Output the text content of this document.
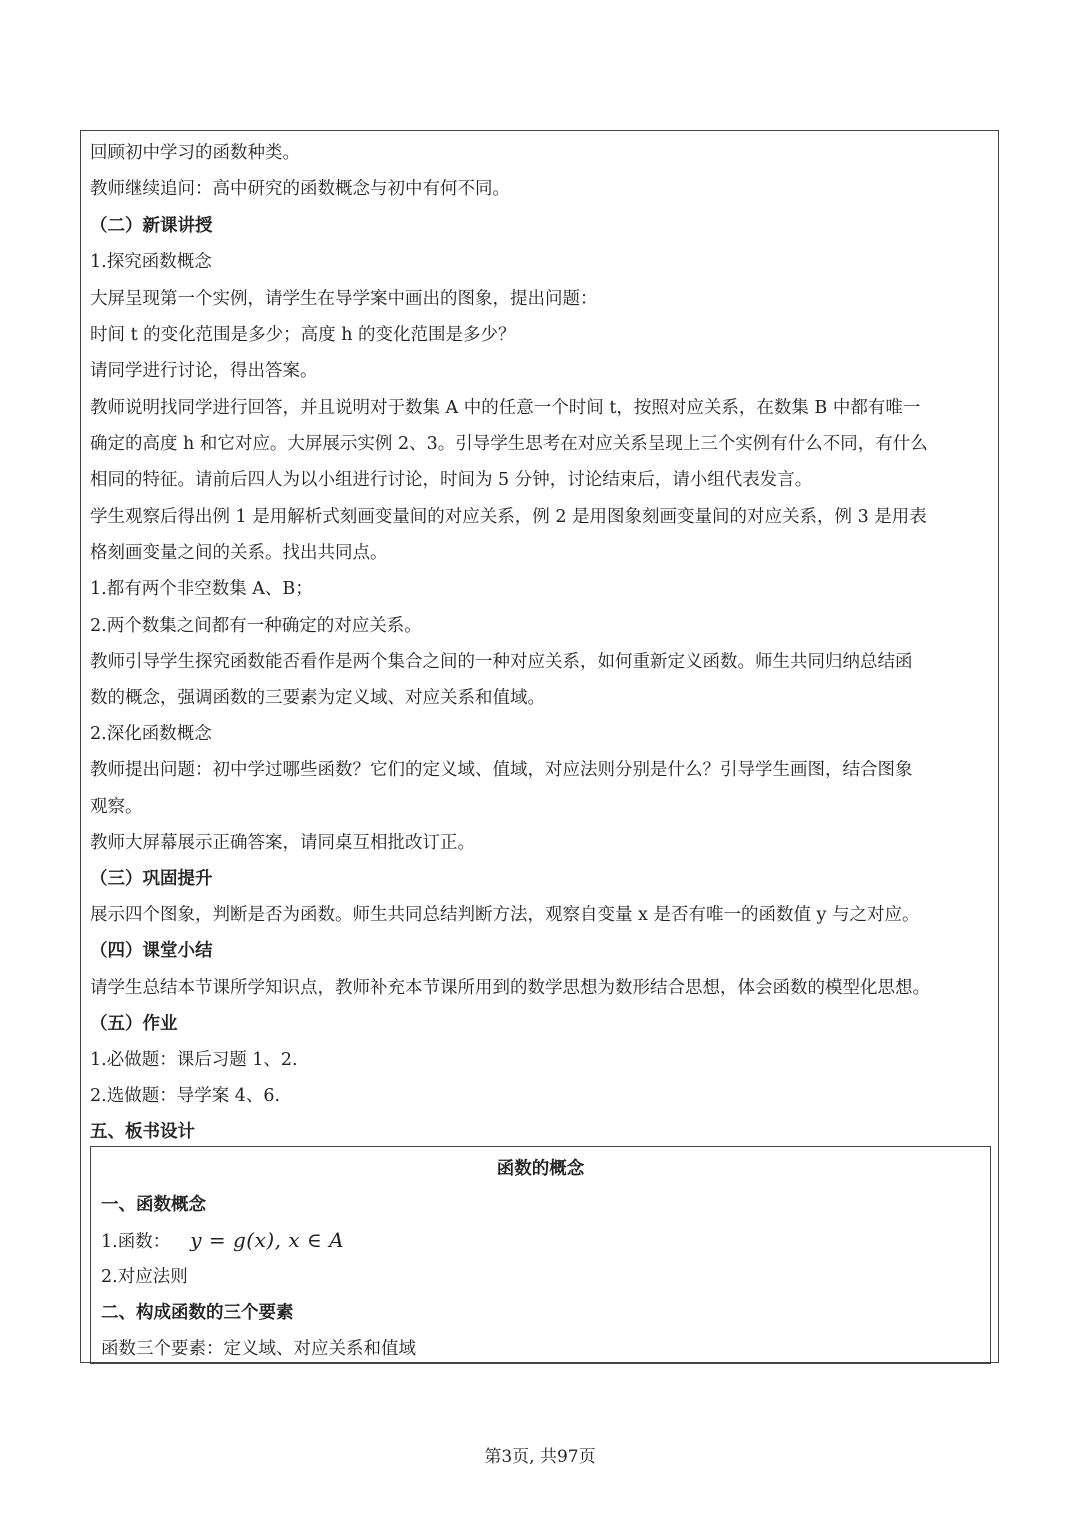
回顾初中学习的函数种类。
教师继续追问：高中研究的函数概念与初中有何不同。
（二）新课讲授
1.探究函数概念
大屏呈现第一个实例，请学生在导学案中画出的图象，提出问题：
时间 t 的变化范围是多少；高度 h 的变化范围是多少？
请同学进行讨论，得出答案。
教师说明找同学进行回答，并且说明对于数集 A 中的任意一个时间 t，按照对应关系，在数集 B 中都有唯一
确定的高度 h 和它对应。大屏展示实例 2、3。引导学生思考在对应关系呈现上三个实例有什么不同，有什么
相同的特征。请前后四人为以小组进行讨论，时间为 5 分钟，讨论结束后，请小组代表发言。
学生观察后得出例 1 是用解析式刻画变量间的对应关系，例 2 是用图象刻画变量间的对应关系，例 3 是用表
格刻画变量之间的关系。找出共同点。
1.都有两个非空数集 A、B；
2.两个数集之间都有一种确定的对应关系。
教师引导学生探究函数能否看作是两个集合之间的一种对应关系，如何重新定义函数。师生共同归纳总结函
数的概念，强调函数的三要素为定义域、对应关系和值域。
2.深化函数概念
教师提出问题：初中学过哪些函数？它们的定义域、值域，对应法则分别是什么？引导学生画图，结合图象
观察。
教师大屏幕展示正确答案，请同桌互相批改订正。
（三）巩固提升
展示四个图象，判断是否为函数。师生共同总结判断方法，观察自变量 x 是否有唯一的函数值 y 与之对应。
（四）课堂小结
请学生总结本节课所学知识点，教师补充本节课所用到的数学思想为数形结合思想，体会函数的模型化思想。
（五）作业
1.必做题：课后习题 1、2.
2.选做题：导学案 4、6.
五、板书设计
函数的概念
一、函数概念
1.函数： y = g(x), x ∈ A
2.对应法则
二、构成函数的三个要素
函数三个要素：定义域、对应关系和值域
第3页, 共97页
